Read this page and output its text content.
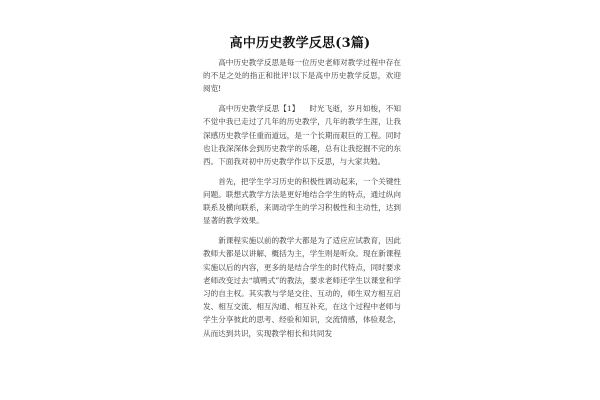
高中历史教学反思(3篇)

高中历史教学反思是每一位历史老师对教学过程中存在的不足之处的指正和批评!以下是高中历史教学反思，欢迎阅览!

高中历史教学反思【1】 时光飞逝，岁月如梭，不知不觉中我已走过了几年的历史教学，几年的教学生涯，让我深感历史教学任重而道远，是一个长期而艰巨的工程。同时也让我深深体会到历史教学的乐趣，总有让我挖掘不完的东西。下面我对初中历史教学作以下反思，与大家共勉。

首先，把学生学习历史的积极性调动起来，一个关键性问题。联想式教学方法是更好地结合学生的特点，通过纵向联系及横向联系，来调动学生的学习积极性和主动性，达到显著的教学效果。

新课程实施以前的教学大都是为了适应应试教育，因此教师大都是以讲解、概括为主，学生则是听众。现在新课程实施以后的内容，更多的是结合学生的时代特点，同时要求老师改变过去“填鸭式”的教法，要求老师还学生以课堂和学习的自主权。其实教与学是交往、互动的，师生双方相互启发、相互交流、相互沟通、相互补充，在这个过程中老师与学生分享彼此的思考、经验和知识，交流情感，体验观念，从而达到共识，实现教学相长和共同发
